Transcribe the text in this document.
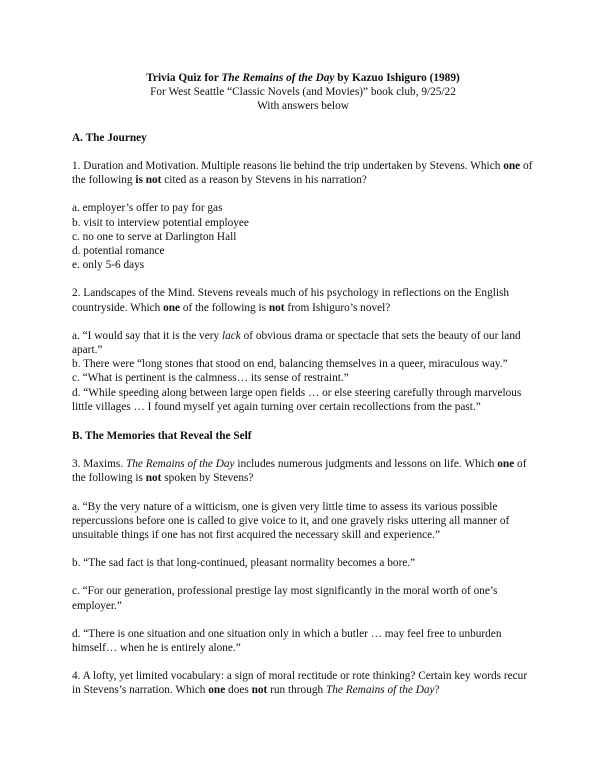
Trivia Quiz for The Remains of the Day by Kazuo Ishiguro (1989)
For West Seattle “Classic Novels (and Movies)” book club, 9/25/22
With answers below
A. The Journey
1. Duration and Motivation. Multiple reasons lie behind the trip undertaken by Stevens. Which one of the following is not cited as a reason by Stevens in his narration?
a. employer’s offer to pay for gas
b. visit to interview potential employee
c. no one to serve at Darlington Hall
d. potential romance
e. only 5-6 days
2. Landscapes of the Mind. Stevens reveals much of his psychology in reflections on the English countryside. Which one of the following is not from Ishiguro’s novel?
a. “I would say that it is the very lack of obvious drama or spectacle that sets the beauty of our land apart.”
b. There were “long stones that stood on end, balancing themselves in a queer, miraculous way.”
c. “What is pertinent is the calmness… its sense of restraint.”
d. “While speeding along between large open fields … or else steering carefully through marvelous little villages … I found myself yet again turning over certain recollections from the past.”
B. The Memories that Reveal the Self
3. Maxims. The Remains of the Day includes numerous judgments and lessons on life. Which one of the following is not spoken by Stevens?
a. “By the very nature of a witticism, one is given very little time to assess its various possible repercussions before one is called to give voice to it, and one gravely risks uttering all manner of unsuitable things if one has not first acquired the necessary skill and experience.”
b. “The sad fact is that long-continued, pleasant normality becomes a bore.”
c. “For our generation, professional prestige lay most significantly in the moral worth of one’s employer.”
d. “There is one situation and one situation only in which a butler … may feel free to unburden himself… when he is entirely alone.”
4. A lofty, yet limited vocabulary: a sign of moral rectitude or rote thinking? Certain key words recur in Stevens’s narration. Which one does not run through The Remains of the Day?
